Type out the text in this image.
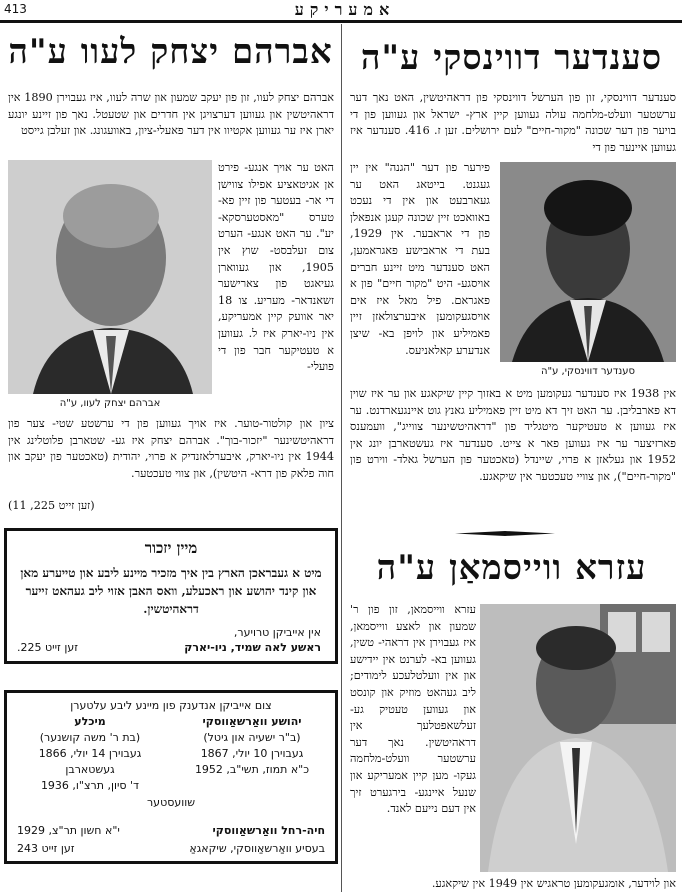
413	אמעריקע
אברהם יצחק לעוו ע"ה
אברהם יצחק לעוו, זון פון יעקב שמעון און שרה לעוו, איז געבוירן 1890 אין דראהיטשין און געווען דערצויגן אין חדרים און שטעטל. נאך פון זיינע יונגע יארן איז ער געווען אקטיוו אין דער פאעלי-ציון, באוועגונג. און זעלבן גייסט
אברהם יצחק לעוו, ע"ה
האט ער אויך אנגע- פירט אן אגיטאציע אפילו צווישן די אר- בעטער פון זיין פא- טערס "מאסטערסקא- יע". ער האט אנגע- הערט צום זעלבסט- שוץ אין 1905, און געווארן געיאגט פון צארישער זשאנדאר- מעריע. צו 18 יאר אוועק קיין אמעריקע, אין ניו-יארק איז ל. געווען א טעטיקער חבר פון די פועלי-
ציון און קולטור-טוער. איז אויך געווען פון די ערשטע שטי- צער פון דראהיטשינער "יזכור-בוך". אברהם יצחק איז גע- שטארבן פלוטלינג אין 1944 אין ניו-יארק, איבערלאזנדיק א פרוי, יהודית (טאכטער פון יעקב און חוה פלאק פון דרא- היטשין), און צווי טעכטער.
(זען זייט 225, 11)
מיין יזכור
מיט א געבראכן הארץ בין איך מזכיר מיינע ליבע און טייערע מאן און קינד יהושע און ראכעלע, וואס האבן אזוי ליב געהאט זייער דראהיטשין.
אין אייביקן טרויער,
ראשע לאה שמיד, ניו-יארק
זען זייט 225.
צום אייביקן אנדענק פון מיינע ליבע עלטערן
יהושע וואַרשאַווסקי
(ב"ר ישעיה און גיטל)
געבוירן 10 יולי, 1867
כ"א תמוז, תשי"ב, 1952
מיכלע
(בת ר' משה קושנער)
געבוירן 14 יולי, 1866
געשטארבן
ד' סיון, תרצ"ו, 1936
שוועסטער
חיה-רחל וואַרשאַווסקי
י"א חשון תר"צ, 1929
בעסיע וואַרשאַווסקי, שיקאגאַ
זען זייט 243
סענדער דווינסקי ע"ה
סענדער דווינסקי, זון פון הערשל דווינסקי פון דראהיטשין, האט נאך דער ערשטער וועלט-מלחמה עולה געווען קיין ארץ- ישראל און געווען פון די בויער פון דער שכונה "מקור-חיים" לעם ירושלים. זען ז. 416. סענדער איז געווען איינער פון די
פירער פון דער "הגנה" אין יין געגנט. בייטאג האט ער געארבעט און אין די נעכט באוואכט זיין שכונה קעגן אנפאלן פון די אראבער. אין 1929, בעת די אראבישע פאגראמען, האט סענדער מיט זיינע חברים אויסגע- היט "מקור חיים" פון א פאגראם. פיל מאל איז אים אויסגעקומען איבערצולאזן זיין פאמיליע און לויפן בא- שיצן אנדערע קאלאניעס.
סענדער דווינסקי, ע"ה
אין 1938 איז סענדער געקומען מיט א באזוך קיין שיקאגע און ער איז שוין דא פארבליבן. ער האט זיך דא מיט זיין פאמיליע גאנץ גוט איינגעארדנט. ער איז געווען א טעטיקער מיטגליד פון "דראהיטשינער צווייג", וועמענס פארזיצער ער איז געווען פאר א צייט. סענדער איז געשטארבן יונג אין 1952 און געלאזן א פרוי, שיינדל (טאכטער פון הערשל גאלד- ווירט פון "מקור-חיים"), און צוויי טעכטער אין שיקאגע.
עזרא ווייסמאַן ע"ה
עזרא ווייסמאן, זון פון ר' שמעון און לאצע ווייסמאן, איז געבוירן אין דראהי- טשין, געווען בא- לערנט אין יידישע און אין וועלטלעכע לימודים; ליב געהאט מוזיק און קונסט און געווען טעטיק גע- זעלשאפטלעך אין דראהיטשין. נאך דער ערשטער וועלט-מלחמה געקו- מען קיין אמעריקע און שנעל איינגע- בירגערט זיך אין דעם נייעם לאנד.
און לוידער, אומגעקומען טראגיש אין 1949 אין שיקאגע.
